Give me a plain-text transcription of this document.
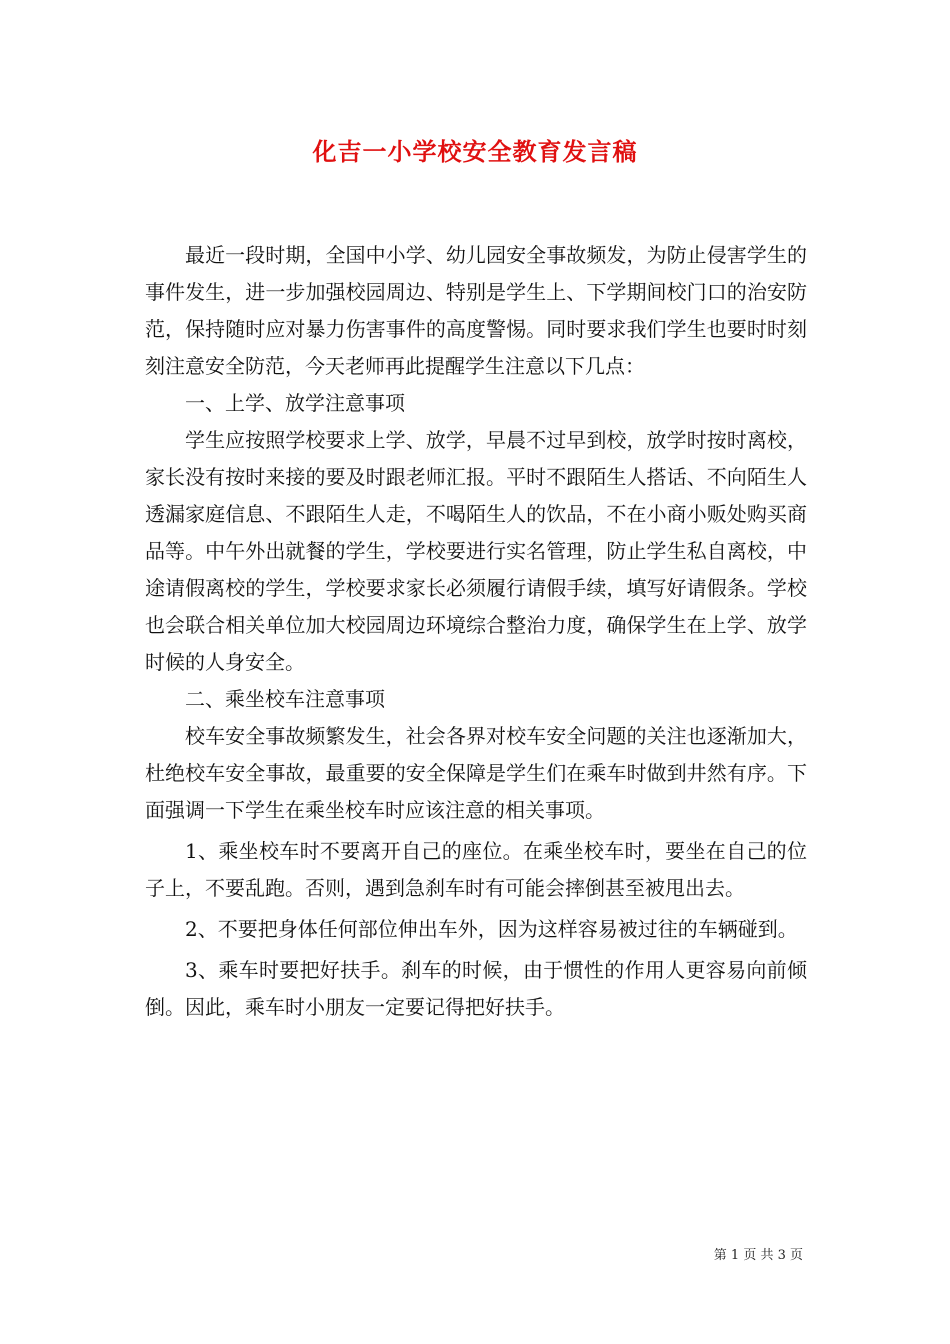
化吉一小学校安全教育发言稿

最近一段时期，全国中小学、幼儿园安全事故频发，为防止侵害学生的事件发生，进一步加强校园周边、特别是学生上、下学期间校门口的治安防范，保持随时应对暴力伤害事件的高度警惕。同时要求我们学生也要时时刻刻注意安全防范，今天老师再此提醒学生注意以下几点：

一、上学、放学注意事项

学生应按照学校要求上学、放学，早晨不过早到校，放学时按时离校，家长没有按时来接的要及时跟老师汇报。平时不跟陌生人搭话、不向陌生人透漏家庭信息、不跟陌生人走，不喝陌生人的饮品，不在小商小贩处购买商品等。中午外出就餐的学生，学校要进行实名管理，防止学生私自离校，中途请假离校的学生，学校要求家长必须履行请假手续，填写好请假条。学校也会联合相关单位加大校园周边环境综合整治力度，确保学生在上学、放学时候的人身安全。

二、乘坐校车注意事项

校车安全事故频繁发生，社会各界对校车安全问题的关注也逐渐加大，杜绝校车安全事故，最重要的安全保障是学生们在乘车时做到井然有序。下面强调一下学生在乘坐校车时应该注意的相关事项。

1、乘坐校车时不要离开自己的座位。在乘坐校车时，要坐在自己的位子上，不要乱跑。否则，遇到急刹车时有可能会摔倒甚至被甩出去。

2、不要把身体任何部位伸出车外，因为这样容易被过往的车辆碰到。

3、乘车时要把好扶手。刹车的时候，由于惯性的作用人更容易向前倾倒。因此，乘车时小朋友一定要记得把好扶手。

第 1 页 共 3 页
